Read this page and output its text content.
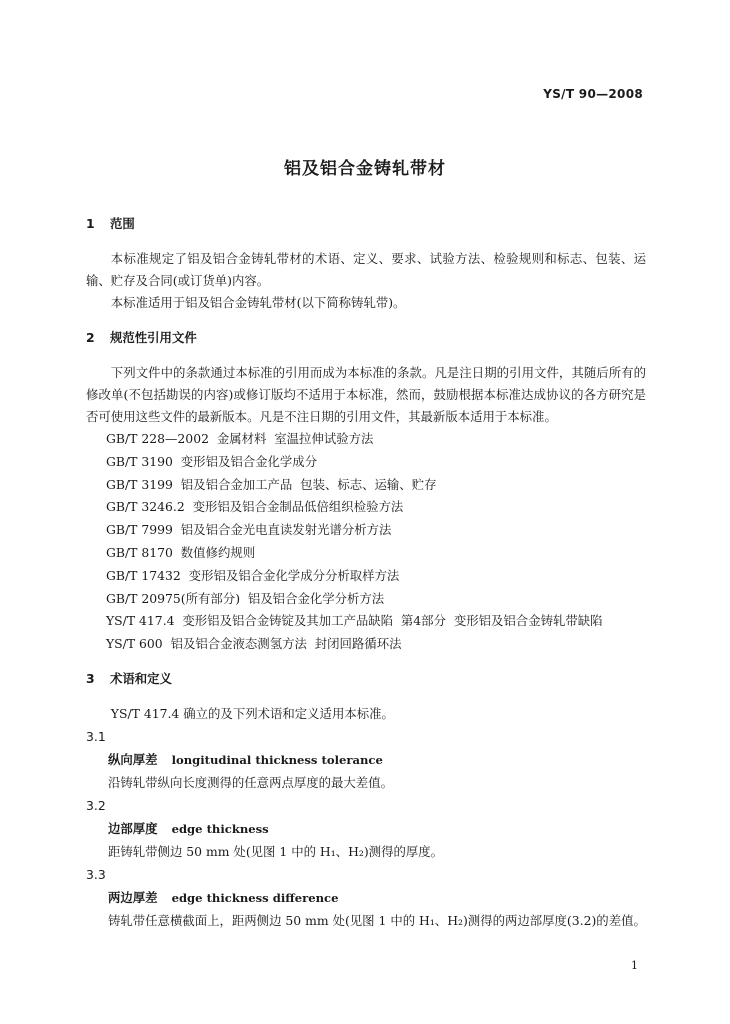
YS/T 90—2008
铝及铝合金铸轧带材
1 范围
本标准规定了铝及铝合金铸轧带材的术语、定义、要求、试验方法、检验规则和标志、包装、运输、贮存及合同(或订货单)内容。
本标准适用于铝及铝合金铸轧带材(以下简称铸轧带)。
2 规范性引用文件
下列文件中的条款通过本标准的引用而成为本标准的条款。凡是注日期的引用文件，其随后所有的修改单(不包括勘误的内容)或修订版均不适用于本标准，然而，鼓励根据本标准达成协议的各方研究是否可使用这些文件的最新版本。凡是不注日期的引用文件，其最新版本适用于本标准。
GB/T 228—2002  金属材料  室温拉伸试验方法
GB/T 3190  变形铝及铝合金化学成分
GB/T 3199  铝及铝合金加工产品  包装、标志、运输、贮存
GB/T 3246.2  变形铝及铝合金制品低倍组织检验方法
GB/T 7999  铝及铝合金光电直读发射光谱分析方法
GB/T 8170  数值修约规则
GB/T 17432  变形铝及铝合金化学成分分析取样方法
GB/T 20975(所有部分)  铝及铝合金化学分析方法
YS/T 417.4  变形铝及铝合金铸锭及其加工产品缺陷  第4部分  变形铝及铝合金铸轧带缺陷
YS/T 600  铝及铝合金液态测氢方法  封闭回路循环法
3 术语和定义
YS/T 417.4 确立的及下列术语和定义适用本标准。
3.1
纵向厚差 longitudinal thickness tolerance
沿铸轧带纵向长度测得的任意两点厚度的最大差值。
3.2
边部厚度 edge thickness
距铸轧带侧边 50 mm 处(见图 1 中的 H₁、H₂)测得的厚度。
3.3
两边厚差 edge thickness difference
铸轧带任意横截面上，距两侧边 50 mm 处(见图 1 中的 H₁、H₂)测得的两边部厚度(3.2)的差值。
1
